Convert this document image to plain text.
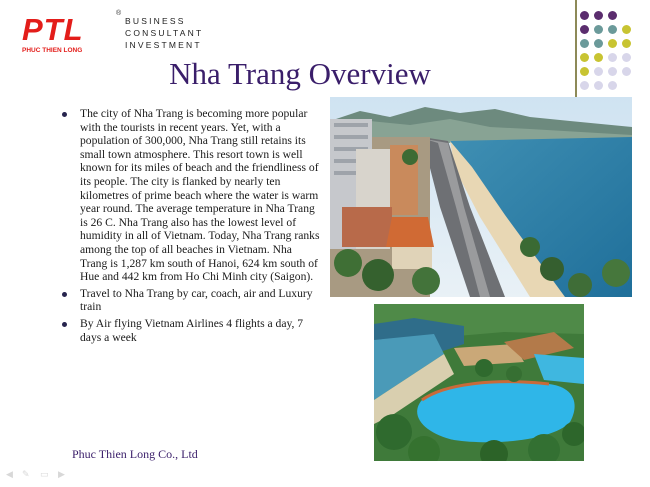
PTL	®
PHUC THIEN LONG
BUSINESS
CONSULTANT
INVESTMENT
Nha Trang Overview
The city of Nha Trang is becoming more popular with the tourists in recent years. Yet, with a population of 300,000, Nha Trang still retains its small town atmosphere. This resort town is well known for its miles of beach and the friendliness of its people. The city is flanked by nearly ten kilometres of prime beach where the water is warm year round. The average temperature in Nha Trang is 26 C. Nha Trang also has the lowest level of humidity in all of Vietnam. Today, Nha Trang ranks among the top of all beaches in Vietnam. Nha Trang is 1,287 km south of Hanoi, 624 km south of Hue and 442 km from Ho Chi Minh city (Saigon).
Travel to Nha Trang by car, coach, air and Luxury train
By Air flying Vietnam Airlines 4 flights a day, 7 days a week
Phuc Thien Long Co., Ltd
◀ ✎ ▭ ▶
